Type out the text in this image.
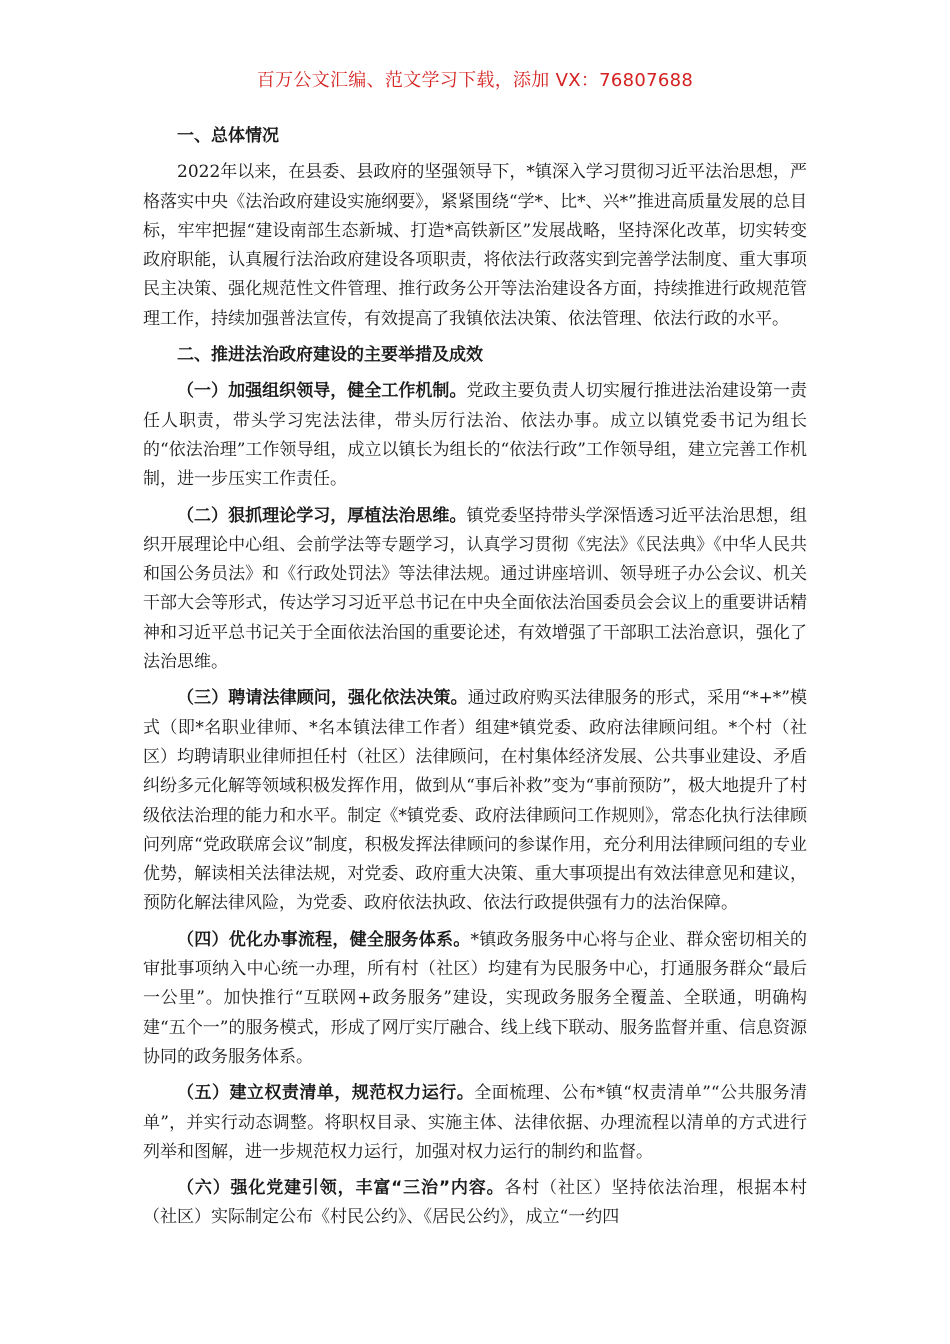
百万公文汇编、范文学习下载，添加 VX：76807688
一、总体情况

2022年以来，在县委、县政府的坚强领导下，*镇深入学习贯彻习近平法治思想，严格落实中央《法治政府建设实施纲要》，紧紧围绕“学*、比*、兴*”推进高质量发展的总目标，牢牢把握“建设南部生态新城、打造*高铁新区”发展战略，坚持深化改革，切实转变政府职能，认真履行法治政府建设各项职责，将依法行政落实到完善学法制度、重大事项民主决策、强化规范性文件管理、推行政务公开等法治建设各方面，持续推进行政规范管理工作，持续加强普法宣传，有效提高了我镇依法决策、依法管理、依法行政的水平。

二、推进法治政府建设的主要举措及成效

（一）加强组织领导，健全工作机制。党政主要负责人切实履行推进法治建设第一责任人职责，带头学习宪法法律，带头厉行法治、依法办事。成立以镇党委书记为组长的“依法治理”工作领导组，成立以镇长为组长的“依法行政”工作领导组，建立完善工作机制，进一步压实工作责任。

（二）狠抓理论学习，厚植法治思维。镇党委坚持带头学深悟透习近平法治思想，组织开展理论中心组、会前学法等专题学习，认真学习贯彻《宪法》《民法典》《中华人民共和国公务员法》和《行政处罚法》等法律法规。通过讲座培训、领导班子办公会议、机关干部大会等形式，传达学习习近平总书记在中央全面依法治国委员会会议上的重要讲话精神和习近平总书记关于全面依法治国的重要论述，有效增强了干部职工法治意识，强化了法治思维。

（三）聘请法律顾问，强化依法决策。通过政府购买法律服务的形式，采用“*+*”模式（即*名职业律师、*名本镇法律工作者）组建*镇党委、政府法律顾问组。*个村（社区）均聘请职业律师担任村（社区）法律顾问，在村集体经济发展、公共事业建设、矛盾纠纷多元化解等领域积极发挥作用，做到从“事后补救”变为“事前预防”，极大地提升了村级依法治理的能力和水平。制定《*镇党委、政府法律顾问工作规则》，常态化执行法律顾问列席“党政联席会议”制度，积极发挥法律顾问的参谋作用，充分利用法律顾问组的专业优势，解读相关法律法规，对党委、政府重大决策、重大事项提出有效法律意见和建议，预防化解法律风险，为党委、政府依法执政、依法行政提供强有力的法治保障。

（四）优化办事流程，健全服务体系。*镇政务服务中心将与企业、群众密切相关的审批事项纳入中心统一办理，所有村（社区）均建有为民服务中心，打通服务群众“最后一公里”。加快推行“互联网+政务服务”建设，实现政务服务全覆盖、全联通，明确构建“五个一”的服务模式，形成了网厅实厅融合、线上线下联动、服务监督并重、信息资源协同的政务服务体系。

（五）建立权责清单，规范权力运行。全面梳理、公布*镇“权责清单”“公共服务清单”，并实行动态调整。将职权目录、实施主体、法律依据、办理流程以清单的方式进行列举和图解，进一步规范权力运行，加强对权力运行的制约和监督。

（六）强化党建引领，丰富“三治”内容。各村（社区）坚持依法治理，根据本村（社区）实际制定公布《村民公约》、《居民公约》，成立“一约四
